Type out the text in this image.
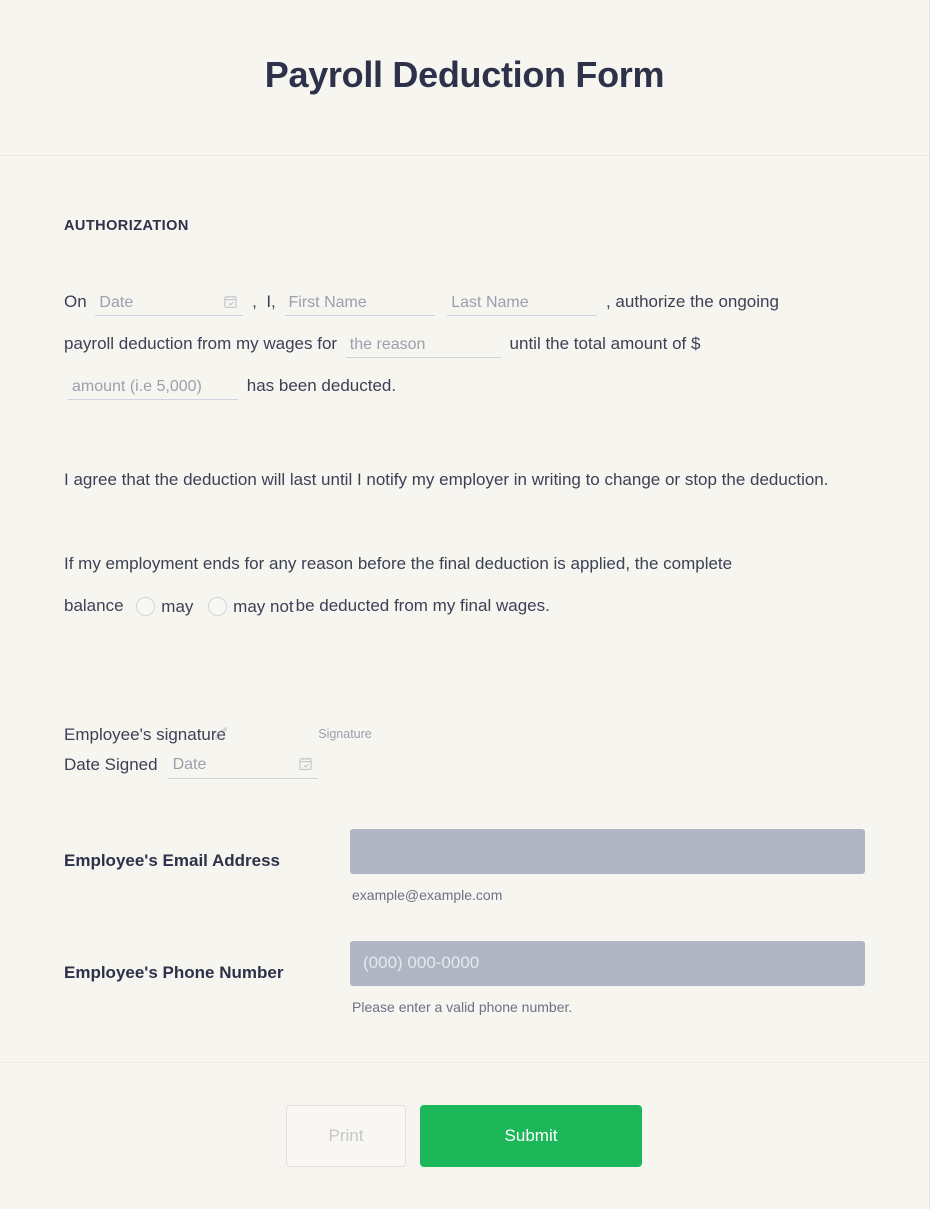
Payroll Deduction Form
AUTHORIZATION
On Date	,  I, First Name	Last Name	, authorize the ongoing payroll deduction from my wages for the reason	until the total amount of $ amount (i.e 5,000)	has been deducted.
I agree that the deduction will last until I notify my employer in writing to change or stop the deduction.
If my employment ends for any reason before the final deduction is applied, the complete
balance may may not be deducted from my final wages.
Employee's signature	Signature
Date Signed Date
Employee's Email Address
example@example.com
Employee's Phone Number
(000) 000-0000
Please enter a valid phone number.
Print	Submit
